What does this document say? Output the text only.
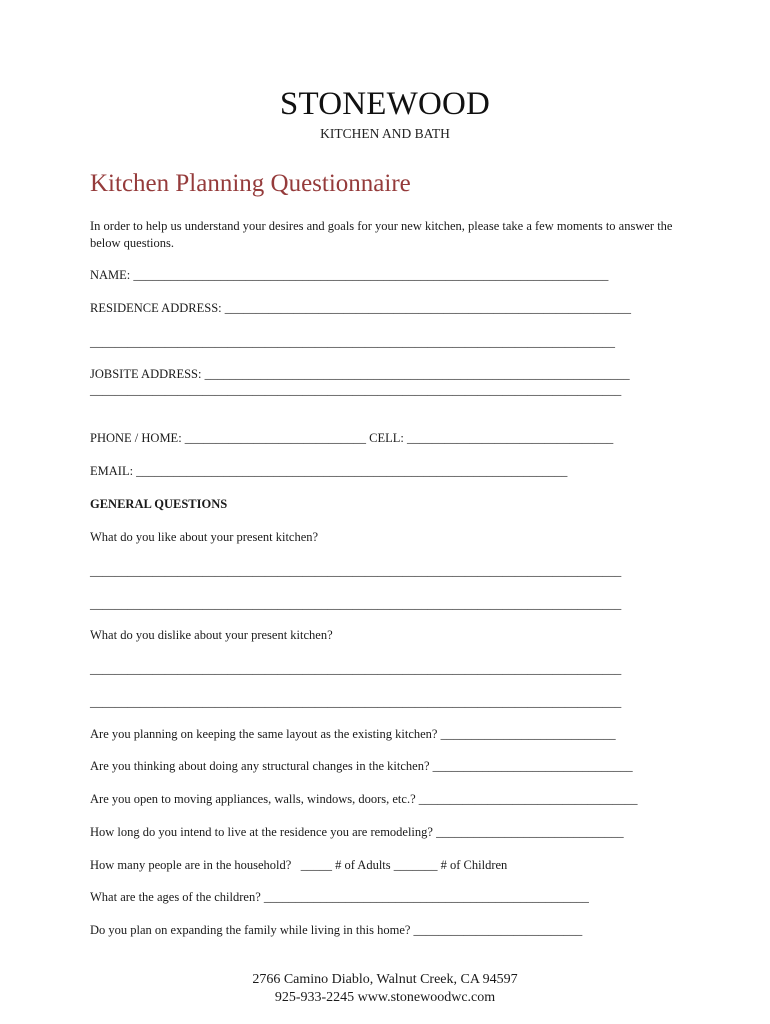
STONEWOOD
KITCHEN AND BATH
Kitchen Planning Questionnaire
In order to help us understand your desires and goals for your new kitchen, please take a few moments to answer the below questions.
NAME: ____________________________________________________________________________
RESIDENCE ADDRESS: _________________________________________________________________
____________________________________________________________________________________
JOBSITE ADDRESS: ____________________________________________________________________
_____________________________________________________________________________________
PHONE / HOME: _____________________________ CELL: _________________________________
EMAIL: _____________________________________________________________________
GENERAL QUESTIONS
What do you like about your present kitchen?
_____________________________________________________________________________________
_____________________________________________________________________________________
What do you dislike about your present kitchen?
_____________________________________________________________________________________
_____________________________________________________________________________________
Are you planning on keeping the same layout as the existing kitchen? ____________________________
Are you thinking about doing any structural changes in the kitchen? ________________________________
Are you open to moving appliances, walls, windows, doors, etc.? ___________________________________
How long do you intend to live at the residence you are remodeling? ______________________________
How many people are in the household?   _____ # of Adults _______ # of Children
What are the ages of the children? ____________________________________________________
Do you plan on expanding the family while living in this home? ___________________________
2766 Camino Diablo, Walnut Creek, CA 94597
925-933-2245 www.stonewoodwc.com
